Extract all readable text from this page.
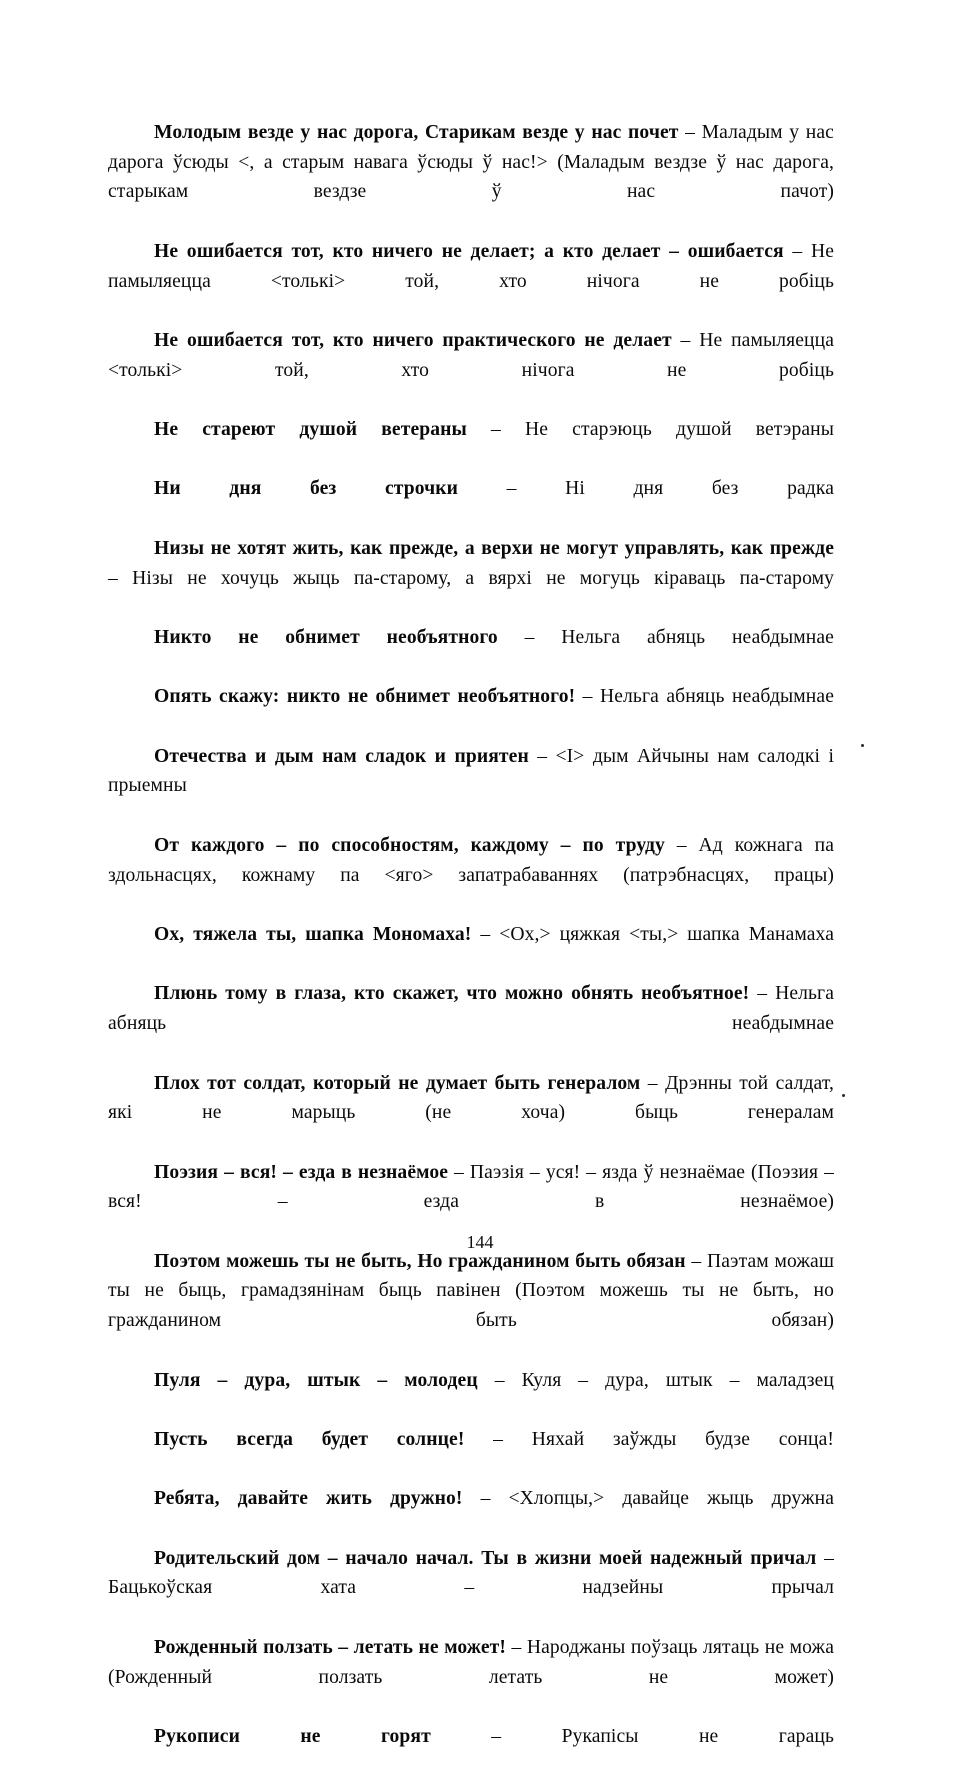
Молодым везде у нас дорога, Старикам везде у нас почет – Маладым у нас дарога ўсюды <, а старым навага ўсюды ў нас!> (Маладым вездзе ў нас дарога, старыкам вездзе ў нас пачот)

Не ошибается тот, кто ничего не делает; а кто делает – ошибается – Не памыляецца <толькі> той, хто нічога не робіць

Не ошибается тот, кто ничего практического не делает – Не памыляецца <толькі> той, хто нічога не робіць

Не стареют душой ветераны – Не старэюць душой ветэраны

Ни дня без строчки – Ні дня без радка

Низы не хотят жить, как прежде, а верхи не могут управлять, как прежде – Нізы не хочуць жыць па-старому, а вярхі не могуць кіраваць па-старому

Никто не обнимет необъятного – Нельга абняць неабдымнае

Опять скажу: никто не обнимет необъятного! – Нельга абняць неабдымнае

Отечества и дым нам сладок и приятен – <І> дым Айчыны нам салодкі і прыемны

От каждого – по способностям, каждому – по труду – Ад кожнага па здольнасцях, кожнаму па <яго> запатрабаваннях (патрэбнасцях, працы)

Ох, тяжела ты, шапка Мономаха! – <Ох,> цяжкая <ты,> шапка Манамаха

Плюнь тому в глаза, кто скажет, что можно обнять необъятное! – Нельга абняць неабдымнае

Плох тот солдат, который не думает быть генералом – Дрэнны той салдат, які не марыць (не хоча) быць генералам

Поэзия – вся! – езда в незнаёмое – Паэзія – уся! – язда ў незнаёмае (Поэзия – вся! – езда в незнаёмое)

Поэтом можешь ты не быть, Но гражданином быть обязан – Паэтам можаш ты не быць, грамадзянінам быць павінен (Поэтом можешь ты не быть, но гражданином быть обязан)

Пуля – дура, штык – молодец – Куля – дура, штык – маладзец

Пусть всегда будет солнце! – Няхай заўжды будзе сонца!

Ребята, давайте жить дружно! – <Хлопцы,> давайце жыць дружна

Родительский дом – начало начал. Ты в жизни моей надежный причал – Бацькоўская хата – надзейны прычал

Рожденный ползать – летать не может! – Народжаны поўзаць лятаць не можа (Рожденный ползать летать не может)

Рукописи не горят – Рукапісы не гараць

144
